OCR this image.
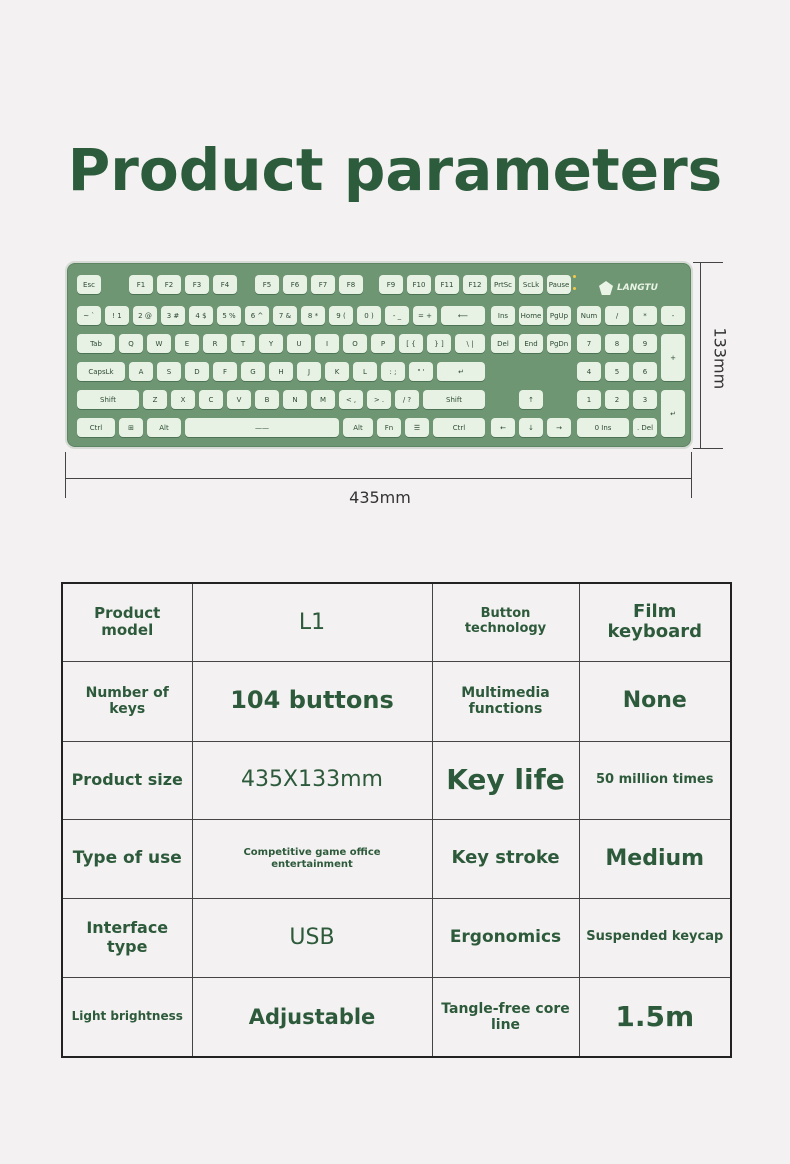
Product parameters
LANGTU
Esc	F1	F2	F3	F4	F5	F6	F7	F8	F9	F10	F11	F12	PrtSc	ScLk	Pause
~ `	! 1	2 @	3 #	4 $	5 %	6 ^	7 &	8 *	9 (	0 )	- _	= +	⟵	Ins	Home	PgUp	Num	/	*	-
Tab	Q	W	E	R	T	Y	U	I	O	P	[ {	} ]	\ |	Del	End	PgDn	7	8	9
+
CapsLk	A	S	D	F	G	H	J	K	L	: ;	" '	↵	4	5	6
Shift	Z	X	C	V	B	N	M	< ,	> .	/ ?	Shift	↑	1	2	3
↵
Ctrl	⊞	Alt	——	Alt	Fn	☰	Ctrl	←	↓	→	0 Ins	. Del
133mm
435mm
Product model	L1	Button technology	Film keyboard
Number of keys	104 buttons	Multimedia functions	None
Product size	435X133mm	Key life	50 million times
Type of use	Competitive game office entertainment	Key stroke	Medium
Interface type	USB	Ergonomics	Suspended keycap
Light brightness	Adjustable	Tangle-free core line	1.5m
